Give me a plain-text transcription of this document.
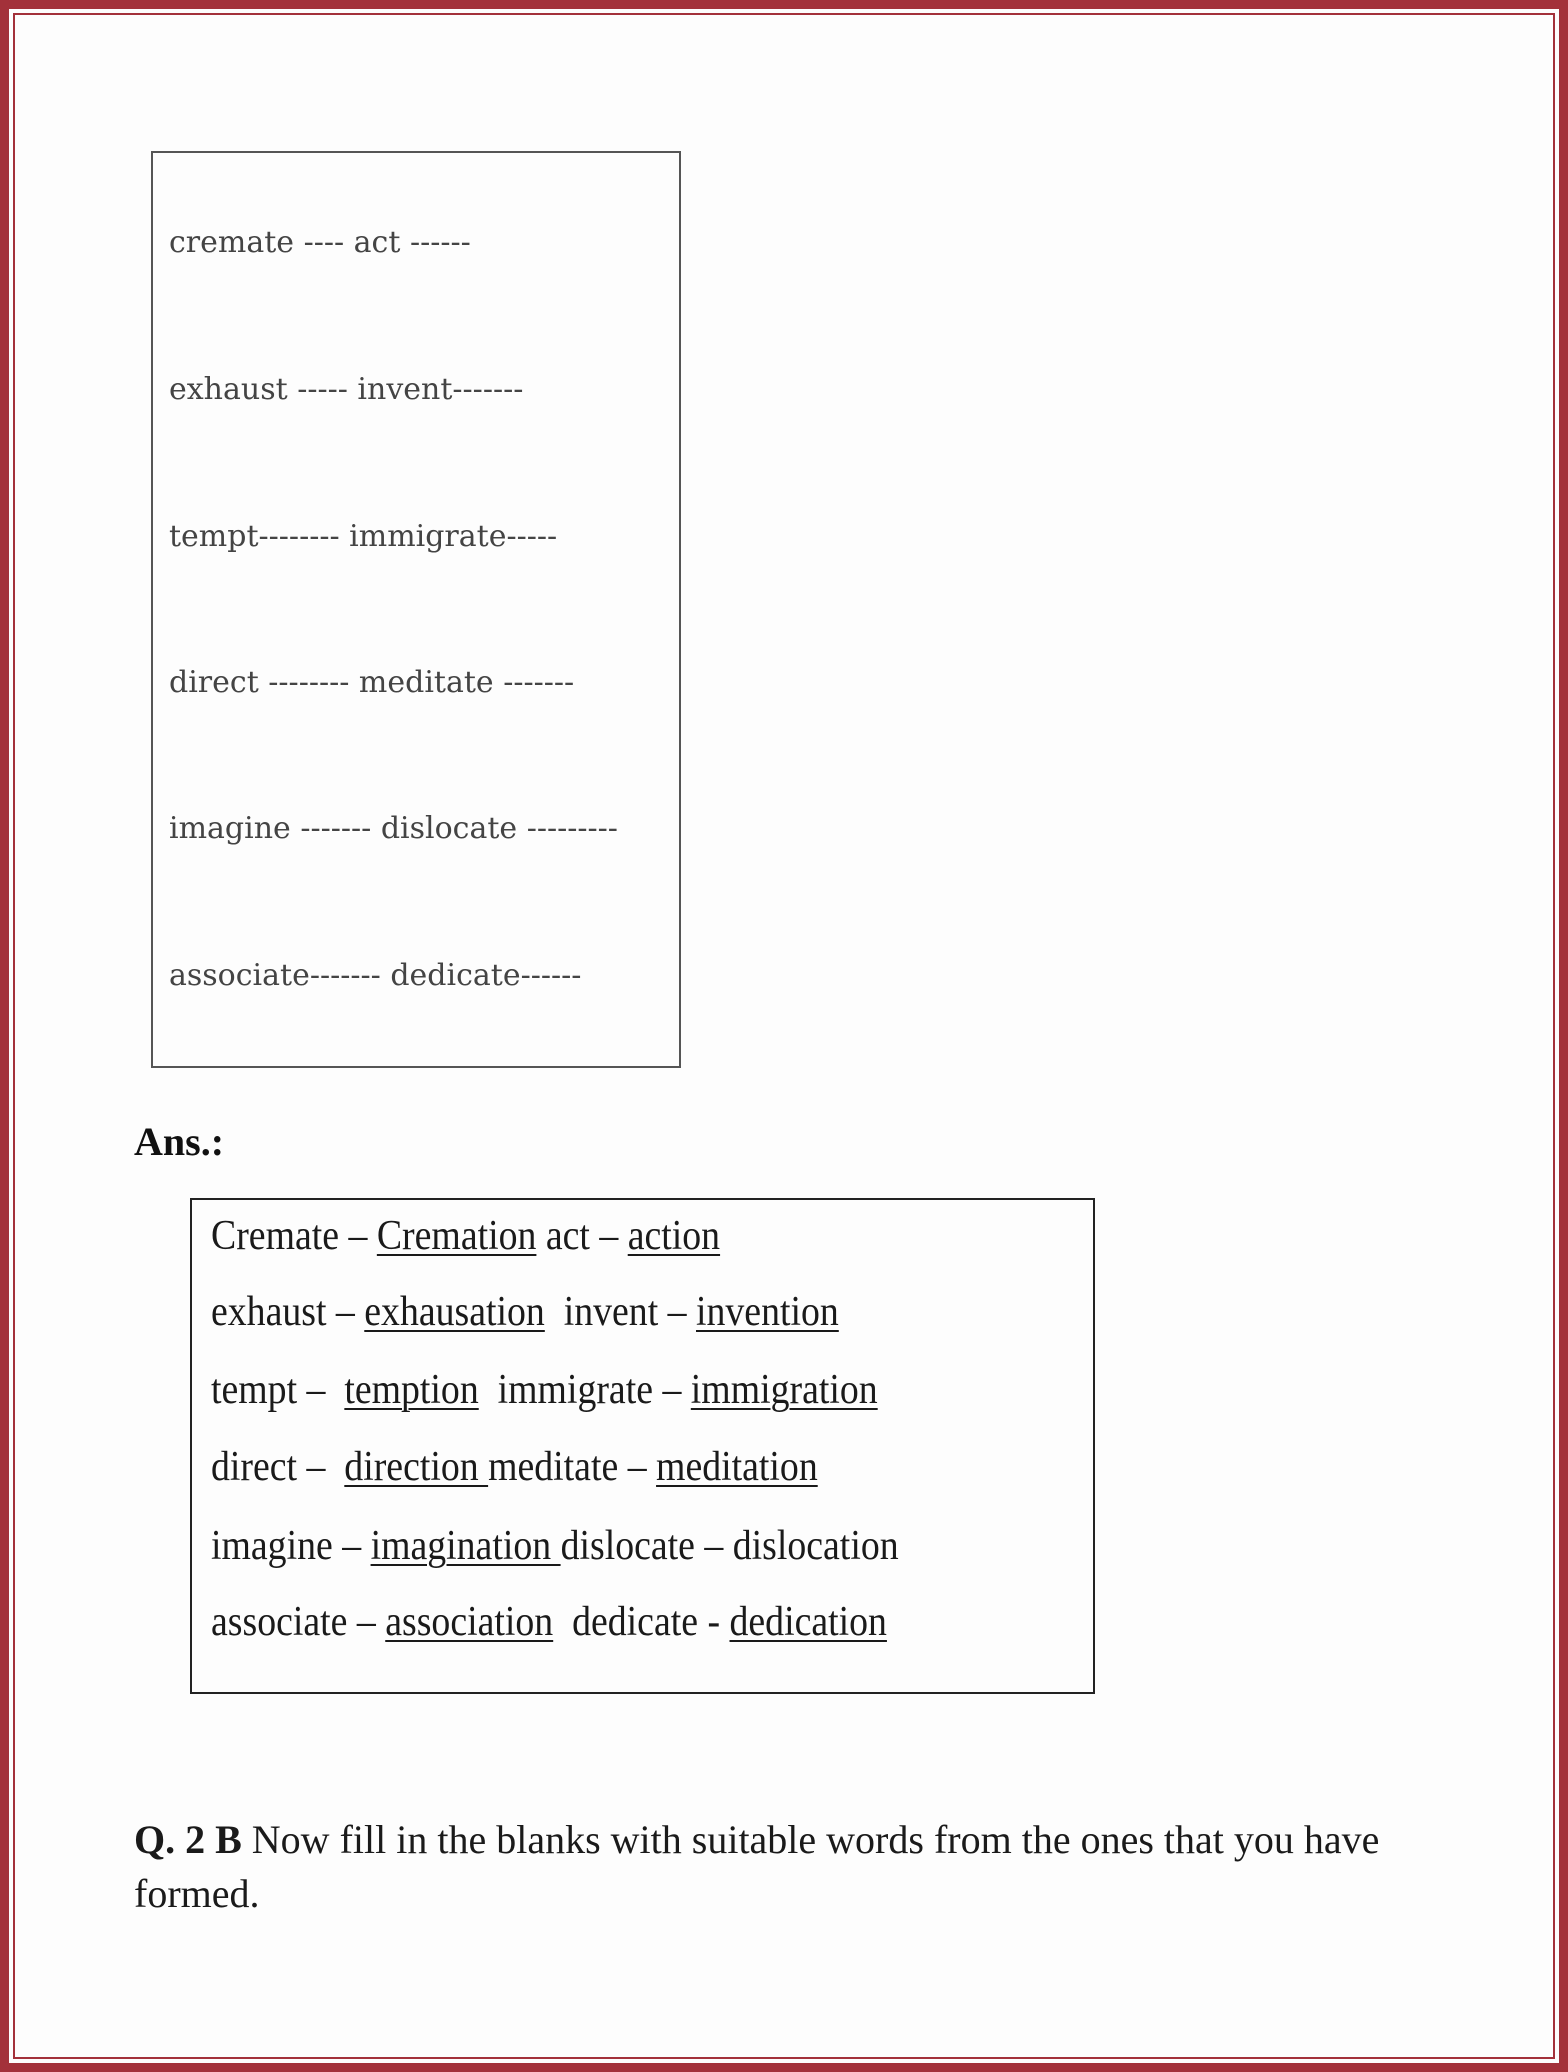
cremate ---- act ------
exhaust ----- invent-------
tempt-------- immigrate-----
direct -------- meditate -------
imagine ------- dislocate ---------
associate------- dedicate------
Ans.:
Cremate – Cremation act – action
exhaust – exhausation  invent – invention
tempt –  temption  immigrate – immigration
direct –  direction meditate – meditation
imagine – imagination dislocate – dislocation
associate – association  dedicate - dedication
Q. 2 B Now fill in the blanks with suitable words from the ones that you have formed.
